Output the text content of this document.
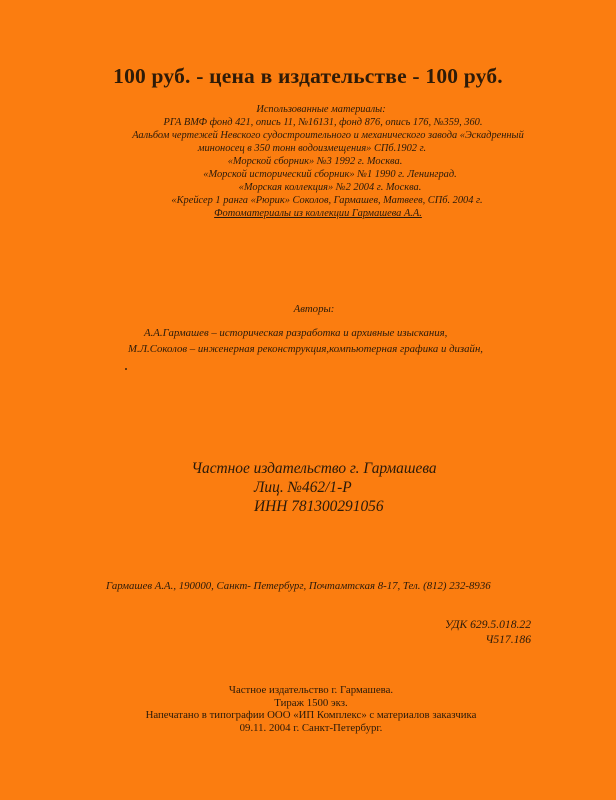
100 руб. - цена в издательстве - 100 руб.
Использованные материалы:
РГА ВМФ фонд 421, опись 11, №16131, фонд 876, опись 176, №359, 360.
Аальбом чертежей Невского судостроительного и механического завода «Эскадренный
миноносец в 350 тонн водоизмещения» СПб.1902 г.
«Морской сборник» №3 1992 г. Москва.
«Морской исторический сборник» №1 1990 г. Ленинград.
«Морская коллекция» №2 2004 г. Москва.
«Крейсер 1 ранга «Рюрик» Соколов, Гармашев, Матвеев, СПб. 2004 г.
Фотоматериалы из коллекции Гармашева А.А.
Авторы:
А.А.Гармашев – историческая разработка и архивные изыскания,
М.Л.Соколов – инженерная реконструкция,компьютерная графика и дизайн,
Частное издательство г. Гармашева
Лиц. №462/1-Р
ИНН 781300291056
Гармашев А.А., 190000, Санкт- Петербург, Почтамтская 8-17, Тел. (812) 232-8936
УДК 629.5.018.22
Ч517.186
Частное издательство г. Гармашева.
Тираж 1500 экз.
Напечатано в типографии ООО «ИП Комплекс» с материалов заказчика
09.11. 2004 г. Санкт-Петербург.
